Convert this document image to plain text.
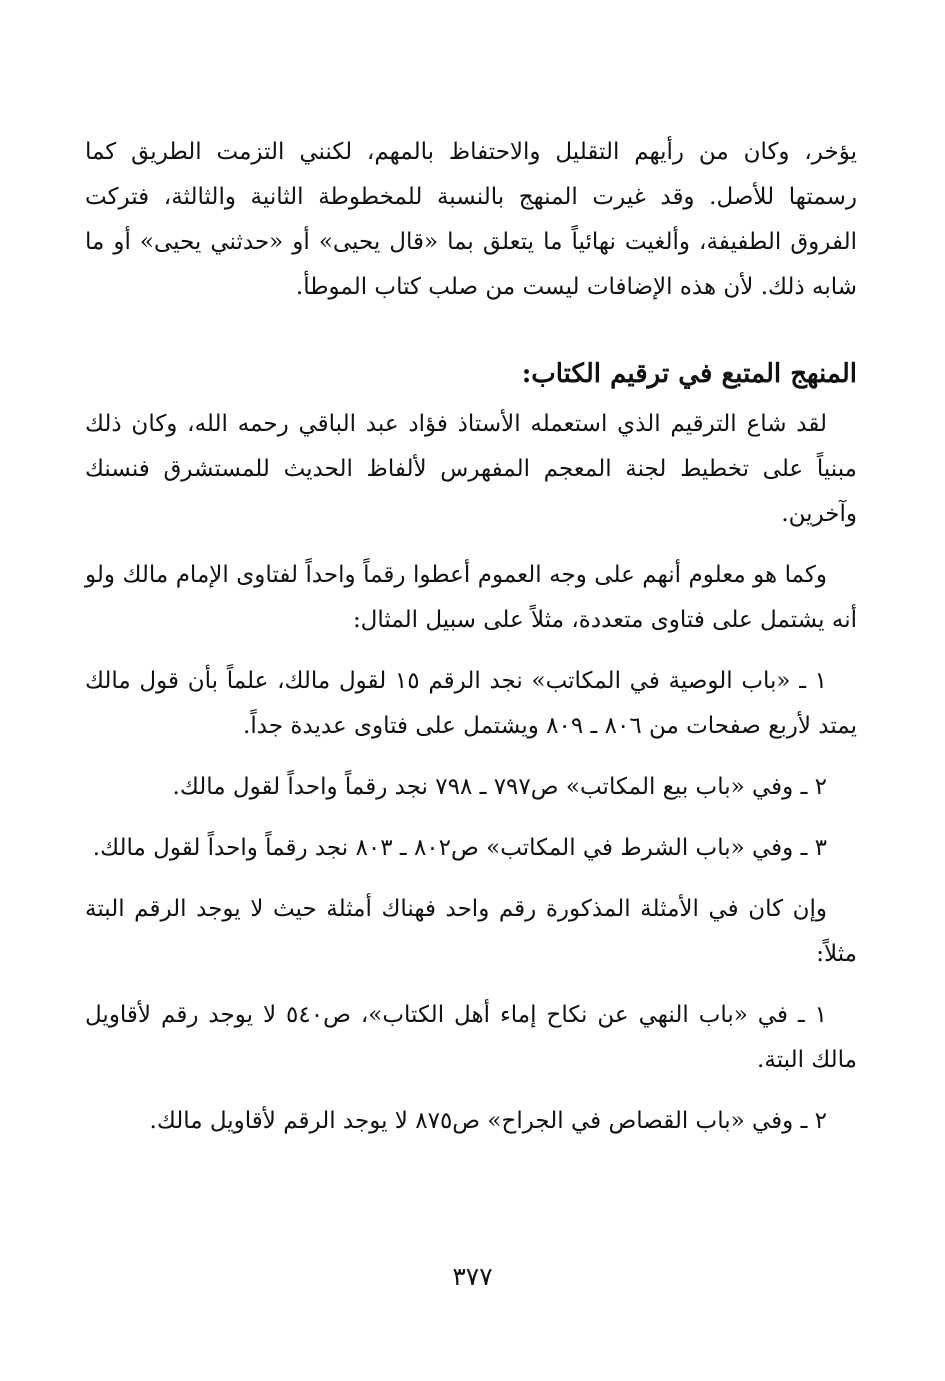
يؤخر، وكان من رأيهم التقليل والاحتفاظ بالمهم، لكنني التزمت الطريق كما رسمتها للأصل. وقد غيرت المنهج بالنسبة للمخطوطة الثانية والثالثة، فتركت الفروق الطفيفة، وألغيت نهائياً ما يتعلق بما «قال يحيى» أو «حدثني يحيى» أو ما شابه ذلك. لأن هذه الإضافات ليست من صلب كتاب الموطأ.

المنهج المتبع في ترقيم الكتاب:

لقد شاع الترقيم الذي استعمله الأستاذ فؤاد عبد الباقي رحمه الله، وكان ذلك مبنياً على تخطيط لجنة المعجم المفهرس لألفاظ الحديث للمستشرق فنسنك وآخرين.

وكما هو معلوم أنهم على وجه العموم أعطوا رقماً واحداً لفتاوى الإمام مالك ولو أنه يشتمل على فتاوى متعددة، مثلاً على سبيل المثال:

١ ـ «باب الوصية في المكاتب» نجد الرقم ١٥ لقول مالك، علماً بأن قول مالك يمتد لأربع صفحات من ٨٠٦ ـ ٨٠٩ ويشتمل على فتاوى عديدة جداً.

٢ ـ وفي «باب بيع المكاتب» ص٧٩٧ ـ ٧٩٨ نجد رقماً واحداً لقول مالك.

٣ ـ وفي «باب الشرط في المكاتب» ص٨٠٢ ـ ٨٠٣ نجد رقماً واحداً لقول مالك.

وإن كان في الأمثلة المذكورة رقم واحد فهناك أمثلة حيث لا يوجد الرقم البتة مثلاً:

١ ـ في «باب النهي عن نكاح إماء أهل الكتاب»، ص٥٤٠ لا يوجد رقم لأقاويل مالك البتة.

٢ ـ وفي «باب القصاص في الجراح» ص٨٧٥ لا يوجد الرقم لأقاويل مالك.

٣٧٧
